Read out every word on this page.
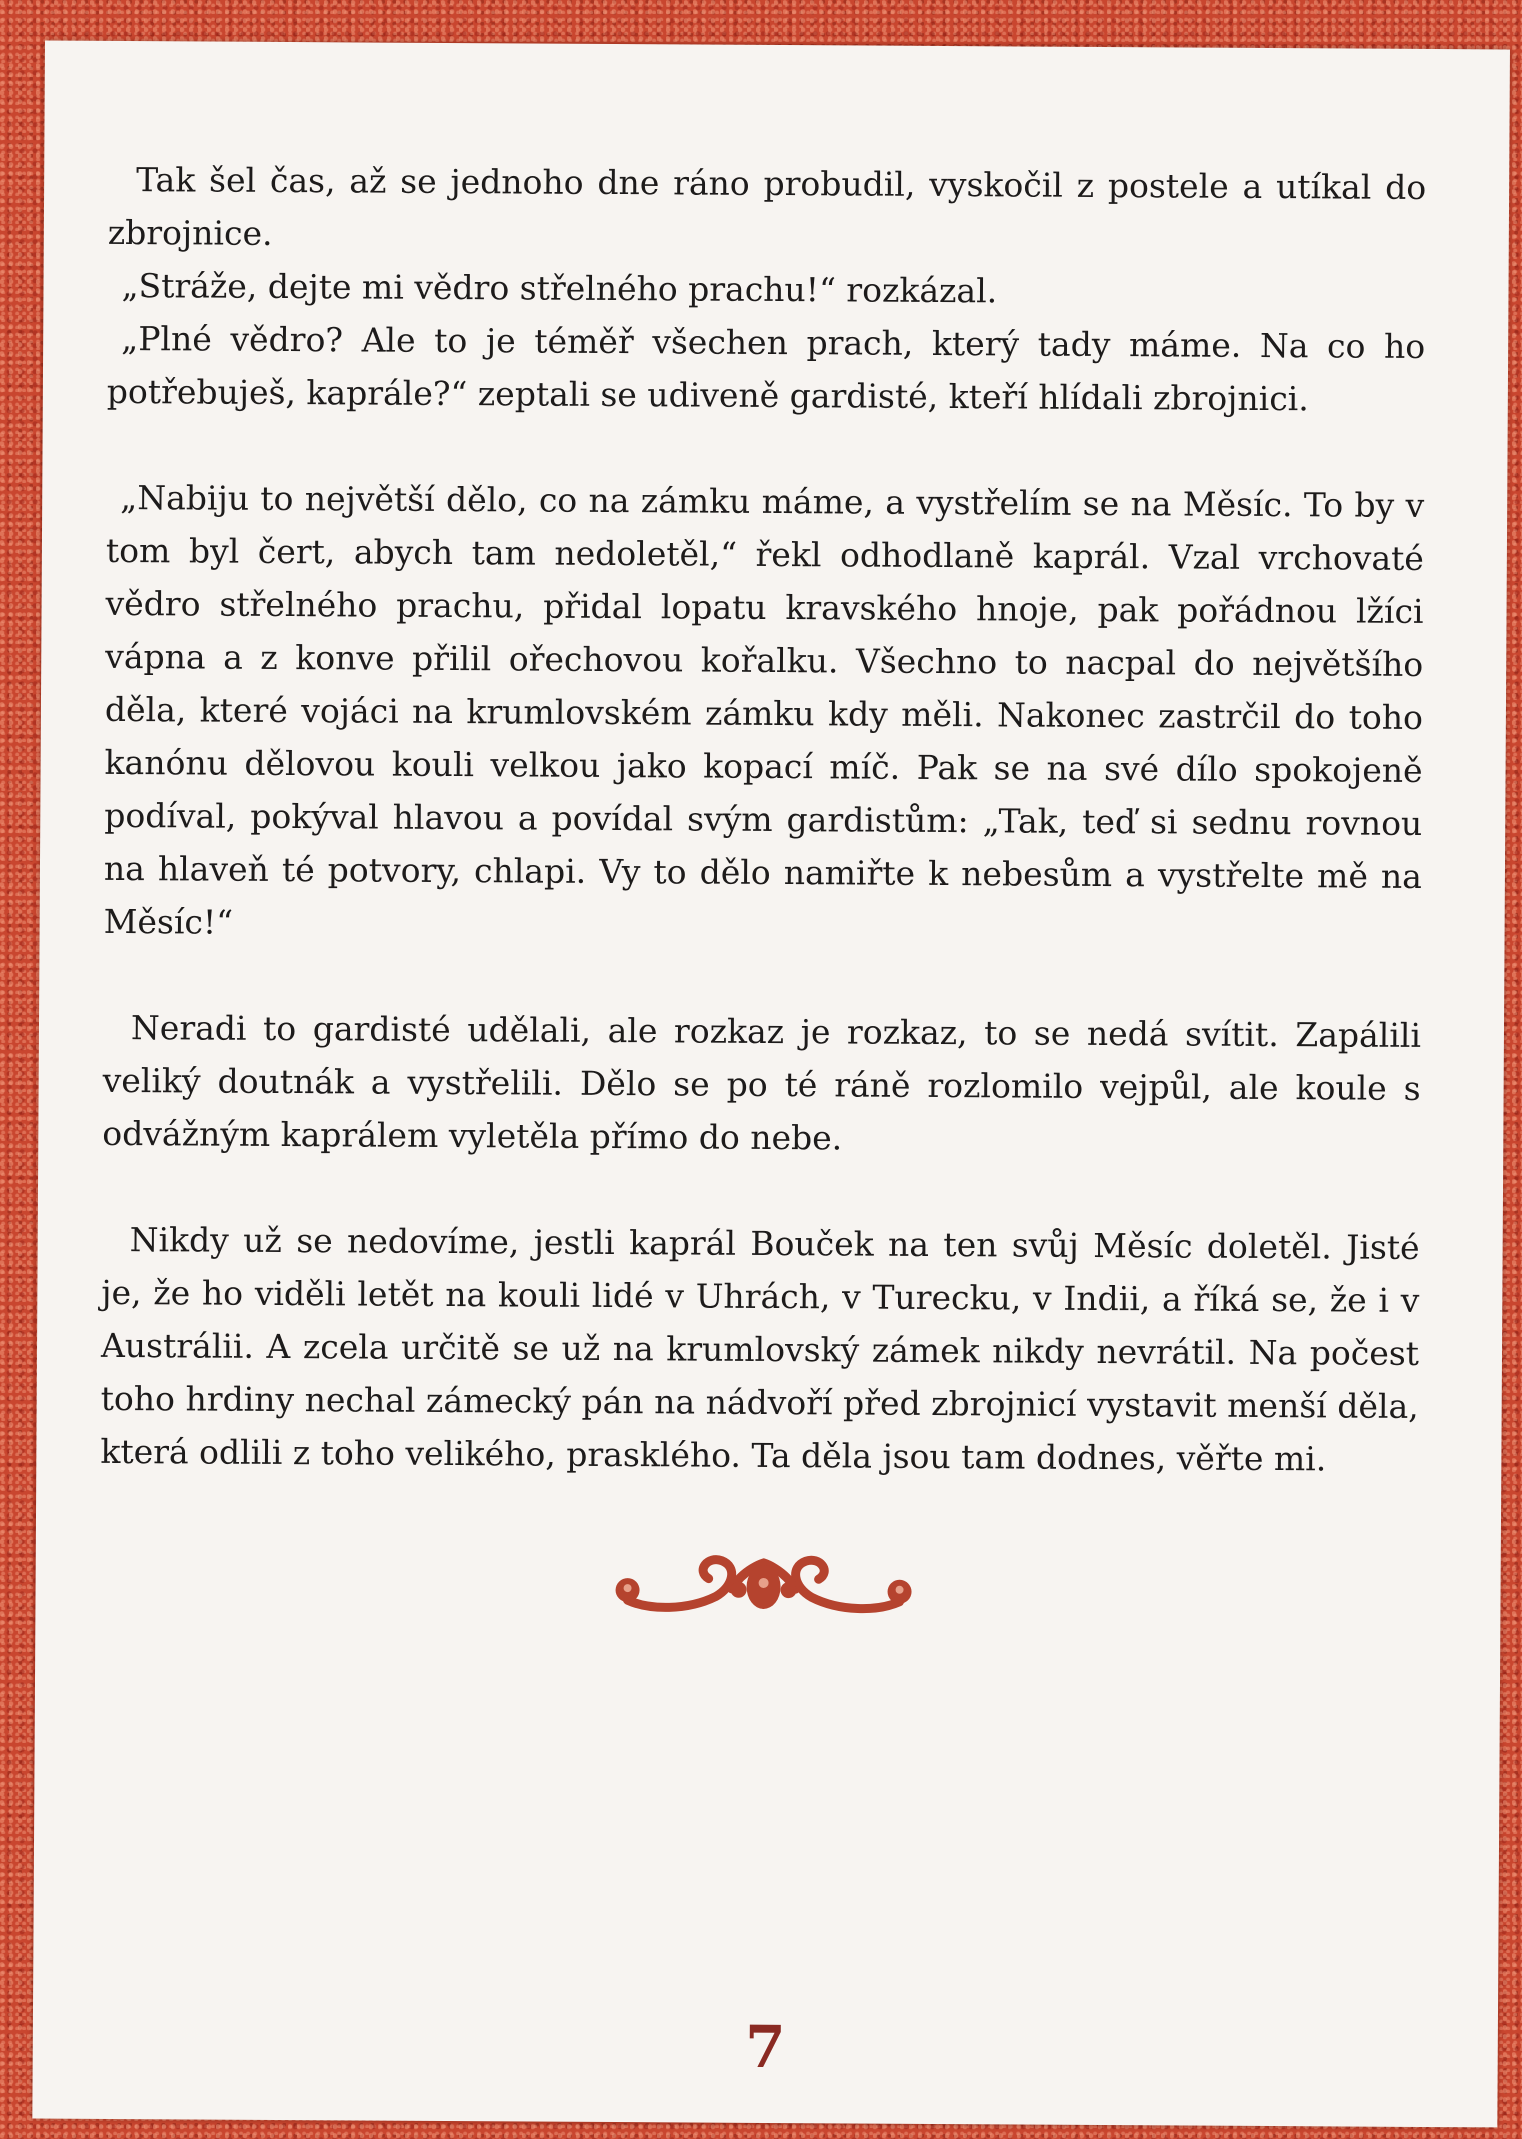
Tak šel čas, až se jednoho dne ráno probudil, vyskočil z postele a utíkal do zbrojnice.

„Stráže, dejte mi vědro střelného prachu!“ rozkázal.

„Plné vědro? Ale to je téměř všechen prach, který tady máme. Na co ho potřebuješ, kaprále?“ zeptali se udiveně gardisté, kteří hlídali zbrojnici.

„Nabiju to největší dělo, co na zámku máme, a vystřelím se na Měsíc. To by v tom byl čert, abych tam nedoletěl,“ řekl odhodlaně kaprál. Vzal vrchovaté vědro střelného prachu, přidal lopatu kravského hnoje, pak pořádnou lžíci vápna a z konve přilil ořechovou kořalku. Všechno to nacpal do největšího děla, které vojáci na krumlovském zámku kdy měli. Nakonec zastrčil do toho kanónu dělovou kouli velkou jako kopací míč. Pak se na své dílo spokojeně podíval, pokýval hlavou a povídal svým gardistům: „Tak, teď si sednu rovnou na hlaveň té potvory, chlapi. Vy to dělo namiřte k nebesům a vystřelte mě na Měsíc!“

Neradi to gardisté udělali, ale rozkaz je rozkaz, to se nedá svítit. Zapálili veliký doutnák a vystřelili. Dělo se po té ráně rozlomilo vejpůl, ale koule s odvážným kaprálem vyletěla přímo do nebe.

Nikdy už se nedovíme, jestli kaprál Bouček na ten svůj Měsíc doletěl. Jisté je, že ho viděli letět na kouli lidé v Uhrách, v Turecku, v Indii, a říká se, že i v Austrálii. A zcela určitě se už na krumlovský zámek nikdy nevrátil. Na počest toho hrdiny nechal zámecký pán na nádvoří před zbrojnicí vystavit menší děla, která odlili z toho velikého, prasklého. Ta děla jsou tam dodnes, věřte mi.

7
